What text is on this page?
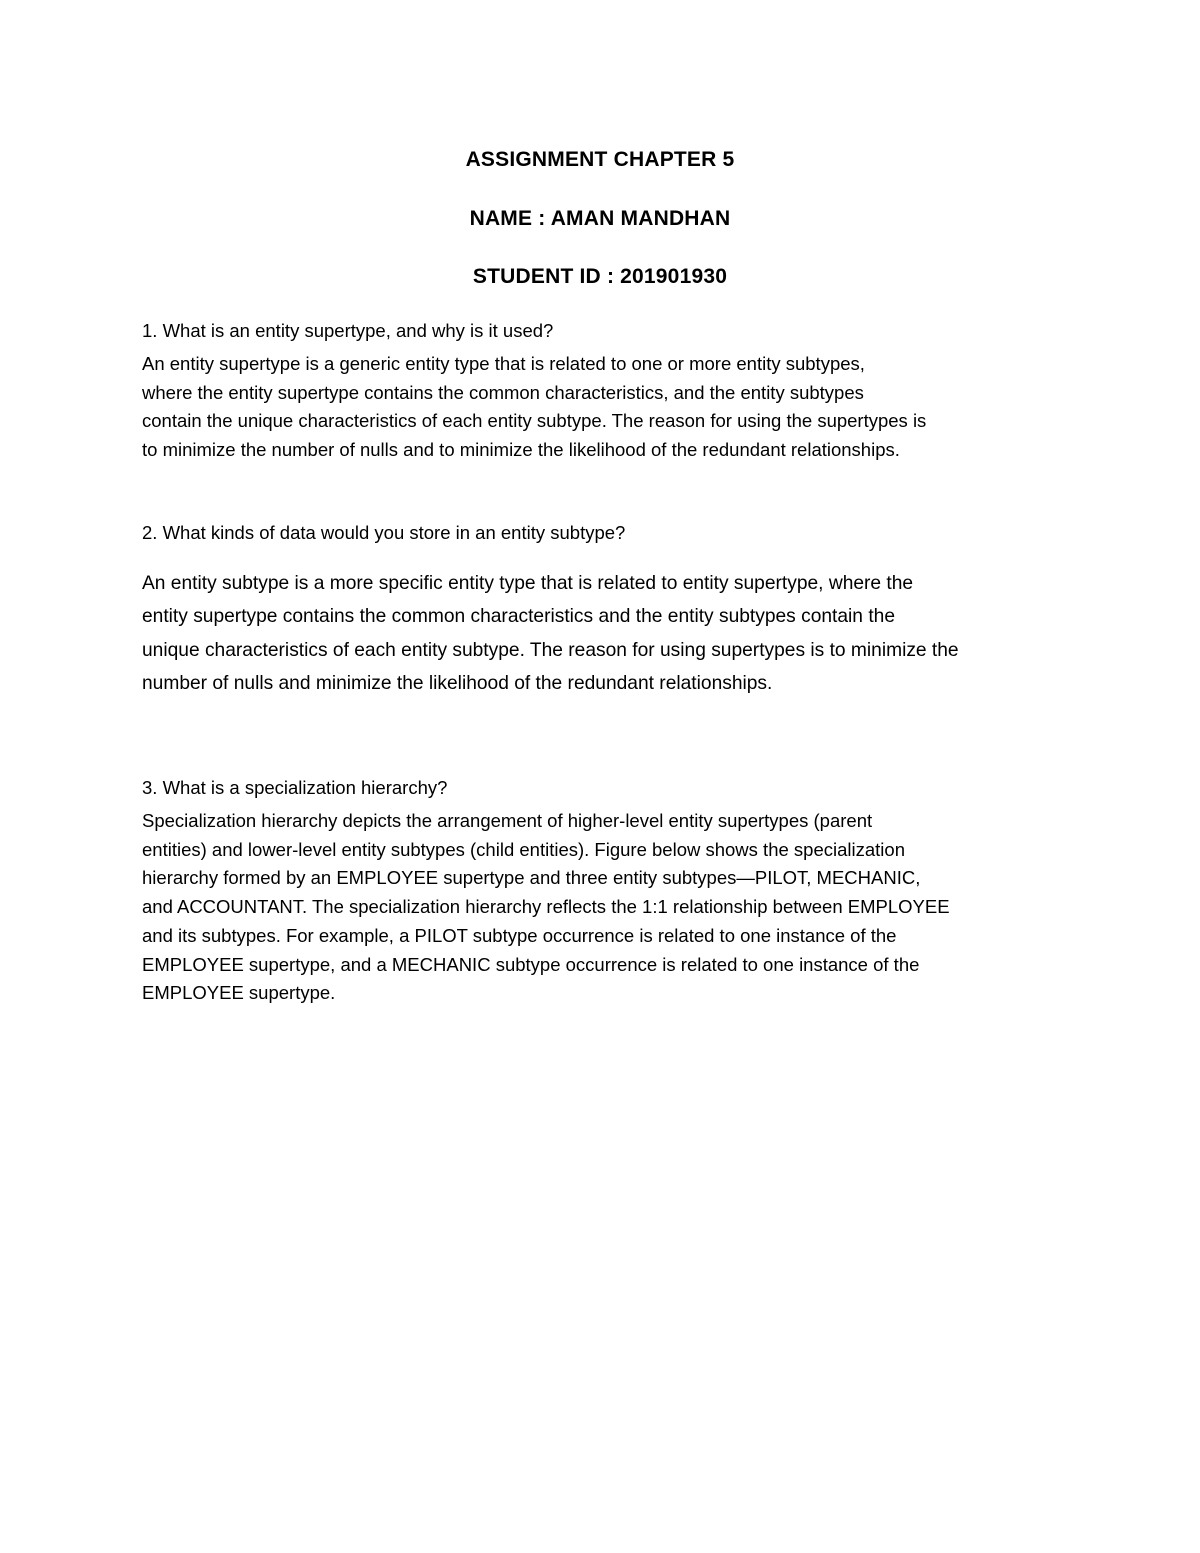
ASSIGNMENT CHAPTER 5
NAME : AMAN MANDHAN
STUDENT ID : 201901930
1. What is an entity supertype, and why is it used?
An entity supertype is a generic entity type that is related to one or more entity subtypes,
where the entity supertype contains the common characteristics, and the entity subtypes
contain the unique characteristics of each entity subtype. The reason for using the supertypes is
to minimize the number of nulls and to minimize the likelihood of the redundant relationships.
2. What kinds of data would you store in an entity subtype?
An entity subtype is a more specific entity type that is related to entity supertype, where the
entity supertype contains the common characteristics and the entity subtypes contain the
unique characteristics of each entity subtype. The reason for using supertypes is to minimize the
number of nulls and minimize the likelihood of the redundant relationships.
3. What is a specialization hierarchy?
Specialization hierarchy depicts the arrangement of higher-level entity supertypes (parent
entities) and lower-level entity subtypes (child entities). Figure below shows the specialization
hierarchy formed by an EMPLOYEE supertype and three entity subtypes—PILOT, MECHANIC,
and ACCOUNTANT. The specialization hierarchy reflects the 1:1 relationship between EMPLOYEE
and its subtypes. For example, a PILOT subtype occurrence is related to one instance of the
EMPLOYEE supertype, and a MECHANIC subtype occurrence is related to one instance of the
EMPLOYEE supertype.
